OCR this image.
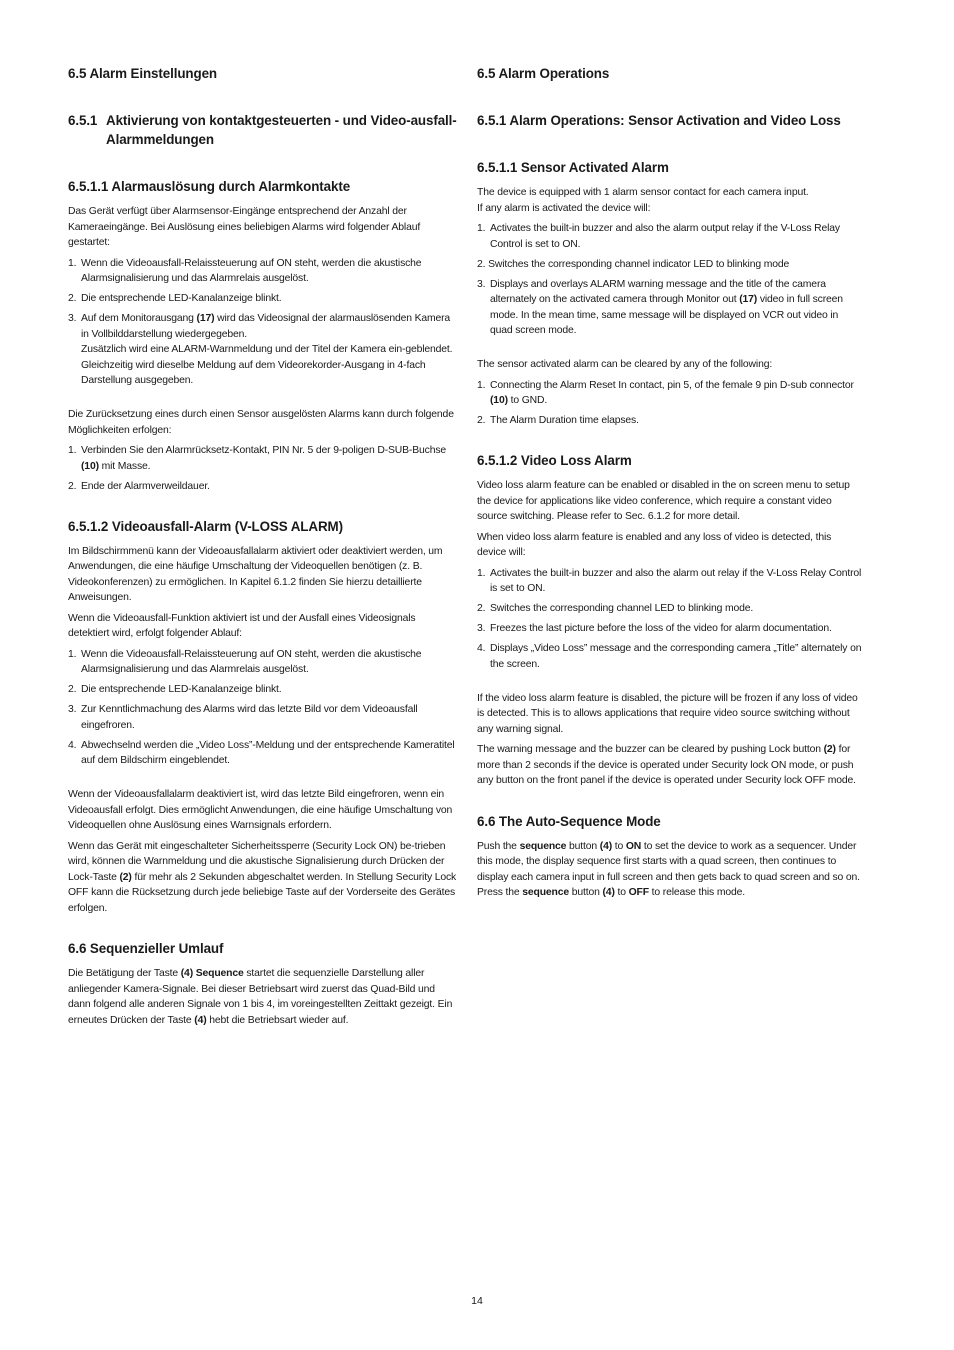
6.5 Alarm Einstellungen
6.5.1 Aktivierung von kontaktgesteuerten - und Video-ausfall-Alarmmeldungen
6.5.1.1 Alarmauslösung durch Alarmkontakte

Das Gerät verfügt über Alarmsensor-Eingänge entsprechend der Anzahl der Kameraeingänge. Bei Auslösung eines beliebigen Alarms wird folgender Ablauf gestartet:

1. Wenn die Videoausfall-Relaissteuerung auf ON steht, werden die akustische Alarmsignalisierung und das Alarmrelais ausgelöst.
2. Die entsprechende LED-Kanalanzeige blinkt.
3. Auf dem Monitorausgang (17) wird das Videosignal der alarmauslösenden Kamera in Vollbilddarstellung wiedergegeben.
Zusätzlich wird eine ALARM-Warnmeldung und der Titel der Kamera ein-geblendet. Gleichzeitig wird dieselbe Meldung auf dem Videorekorder-Ausgang in 4-fach Darstellung ausgegeben.

Die Zurücksetzung eines durch einen Sensor ausgelösten Alarms kann durch folgende Möglichkeiten erfolgen:

1. Verbinden Sie den Alarmrücksetz-Kontakt, PIN Nr. 5 der 9-poligen D-SUB-Buchse (10) mit Masse.
2. Ende der Alarmverweildauer.
6.5.1.2 Videoausfall-Alarm (V-LOSS ALARM)

Im Bildschirmmenü kann der Videoausfallalarm aktiviert oder deaktiviert werden, um Anwendungen, die eine häufige Umschaltung der Videoquellen benötigen (z. B. Videokonferenzen) zu ermöglichen. In Kapitel 6.1.2 finden Sie hierzu detaillierte Anweisungen.

Wenn die Videoausfall-Funktion aktiviert ist und der Ausfall eines Videosignals detektiert wird, erfolgt folgender Ablauf:

1. Wenn die Videoausfall-Relaissteuerung auf ON steht, werden die akustische Alarmsignalisierung und das Alarmrelais ausgelöst.
2. Die entsprechende LED-Kanalanzeige blinkt.
3. Zur Kenntlichmachung des Alarms wird das letzte Bild vor dem Videoausfall eingefroren.
4. Abwechselnd werden die „Video Loss”-Meldung und der entsprechende Kameratitel auf dem Bildschirm eingeblendet.

Wenn der Videoausfallalarm deaktiviert ist, wird das letzte Bild eingefroren, wenn ein Videoausfall erfolgt. Dies ermöglicht Anwendungen, die eine häufige Umschaltung von Videoquellen ohne Auslösung eines Warnsignals erfordern.

Wenn das Gerät mit eingeschalteter Sicherheitssperre (Security Lock ON) be-trieben wird, können die Warnmeldung und die akustische Signalisierung durch Drücken der Lock-Taste (2) für mehr als 2 Sekunden abgeschaltet werden. In Stellung Security Lock OFF kann die Rücksetzung durch jede beliebige Taste auf der Vorderseite des Gerätes erfolgen.

6.6 Sequenzieller Umlauf

Die Betätigung der Taste (4) Sequence startet die sequenzielle Darstellung aller anliegender Kamera-Signale. Bei dieser Betriebsart wird zuerst das Quad-Bild und dann folgend alle anderen Signale von 1 bis 4, im voreingestellten Zeittakt gezeigt. Ein erneutes Drücken der Taste (4) hebt die Betriebsart wieder auf.

6.5 Alarm Operations
6.5.1 Alarm Operations: Sensor Activation and Video Loss
6.5.1.1 Sensor Activated Alarm

The device is equipped with 1 alarm sensor contact for each camera input.
If any alarm is activated the device will:

1. Activates the built-in buzzer and also the alarm output relay if the V-Loss Relay Control is set to ON.
2. Switches the corresponding channel indicator LED to blinking mode
3. Displays and overlays ALARM warning message and the title of the camera alternately on the activated camera through Monitor out (17) video in full screen mode. In the mean time, same message will be displayed on VCR out video in quad screen mode.

The sensor activated alarm can be cleared by any of the following:

1. Connecting the Alarm Reset In contact, pin 5, of the female 9 pin D-sub connector (10) to GND.
2. The Alarm Duration time elapses.
6.5.1.2 Video Loss Alarm

Video loss alarm feature can be enabled or disabled in the on screen menu to setup the device for applications like video conference, which require a constant video source switching. Please refer to Sec. 6.1.2 for more detail.

When video loss alarm feature is enabled and any loss of video is detected, this device will:

1. Activates the built-in buzzer and also the alarm out relay if the V-Loss Relay Control is set to ON.
2. Switches the corresponding channel LED to blinking mode.
3. Freezes the last picture before the loss of the video for alarm documentation.
4. Displays „Video Loss” message and the corresponding camera „Title” alternately on the screen.

If the video loss alarm feature is disabled, the picture will be frozen if any loss of video is detected. This is to allows applications that require video source switching without any warning signal.

The warning message and the buzzer can be cleared by pushing Lock button (2) for more than 2 seconds if the device is operated under Security lock ON mode, or push any button on the front panel if the device is operated under Security lock OFF mode.

6.6 The Auto-Sequence Mode

Push the sequence button (4) to ON to set the device to work as a sequencer. Under this mode, the display sequence first starts with a quad screen, then continues to display each camera input in full screen and then gets back to quad screen and so on. Press the sequence button (4) to OFF to release this mode.

14
